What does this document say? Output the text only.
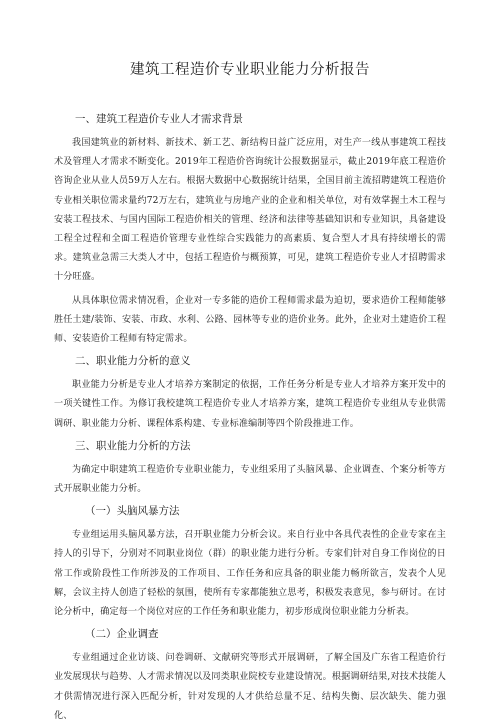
建筑工程造价专业职业能力分析报告
一、建筑工程造价专业人才需求背景

我国建筑业的新材料、新技术、新工艺、新结构日益广泛应用，对生产一线从事建筑工程技术及管理人才需求不断变化。2019年工程造价咨询统计公报数据显示，截止2019年底工程造价咨询企业从业人员59万人左右。根据大数据中心数据统计结果，全国目前主流招聘建筑工程造价专业相关职位需求量约72万左右，建筑业与房地产业的企业和相关单位，对有效掌握土木工程与安装工程技术、与国内国际工程造价相关的管理、经济和法律等基础知识和专业知识，具备建设工程全过程和全面工程造价管理专业性综合实践能力的高素质、复合型人才具有持续增长的需求。建筑业急需三大类人才中，包括工程造价与概预算，可见，建筑工程造价专业人才招聘需求十分旺盛。

从具体职位需求情况看，企业对一专多能的造价工程师需求最为迫切，要求造价工程师能够胜任土建/装饰、安装、市政、水利、公路、园林等专业的造价业务。此外，企业对土建造价工程师、安装造价工程师有特定需求。

二、职业能力分析的意义

职业能力分析是专业人才培养方案制定的依据，工作任务分析是专业人才培养方案开发中的一项关键性工作。为修订我校建筑工程造价专业人才培养方案，建筑工程造价专业组从专业供需调研、职业能力分析、课程体系构建、专业标准编制等四个阶段推进工作。

三、职业能力分析的方法

为确定中职建筑工程造价专业职业能力，专业组采用了头脑风暴、企业调查、个案分析等方式开展职业能力分析。

（一）头脑风暴方法

专业组运用头脑风暴方法，召开职业能力分析会议。来自行业中各具代表性的企业专家在主持人的引导下，分别对不同职业岗位（群）的职业能力进行分析。专家们针对自身工作岗位的日常工作或阶段性工作所涉及的工作项目、工作任务和应具备的职业能力畅所欲言，发表个人见解，会议主持人创造了轻松的氛围，使所有专家都能独立思考，积极发表意见，参与研讨。在讨论分析中，确定每一个岗位对应的工作任务和职业能力，初步形成岗位职业能力分析表。

（二）企业调查

专业组通过企业访谈、问卷调研、文献研究等形式开展调研，了解全国及广东省工程造价行业发展现状与趋势、人才需求情况以及同类职业院校专业建设情况。根据调研结果,对技术技能人才供需情况进行深入匹配分析，针对发现的人才供给总量不足、结构失衡、层次缺失、能力强化、
